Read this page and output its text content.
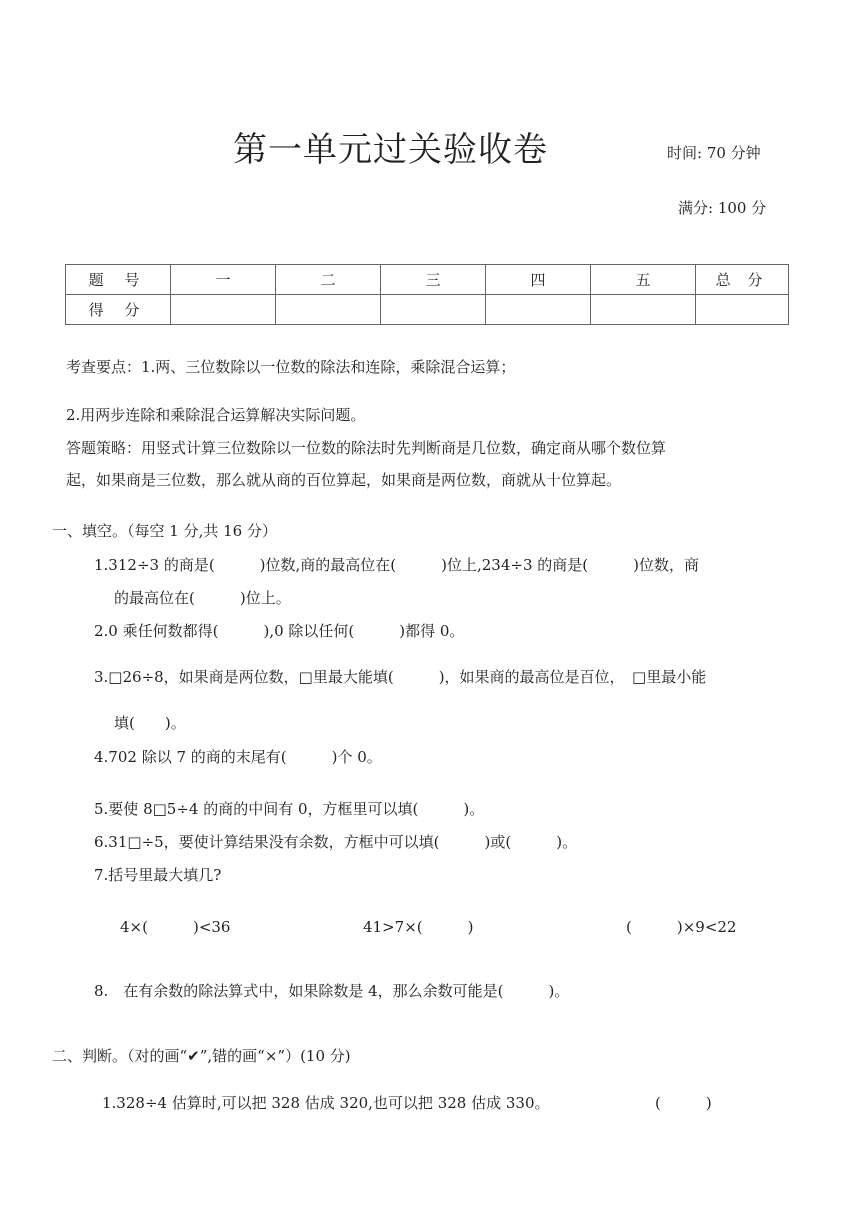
第一单元过关验收卷	时间: 70 分钟
满分: 100 分
题 号	一	二	三	四	五	总 分
得 分						
考查要点：1.两、三位数除以一位数的除法和连除，乘除混合运算；
2.用两步连除和乘除混合运算解决实际问题。
答题策略：用竖式计算三位数除以一位数的除法时先判断商是几位数，确定商从哪个数位算
起，如果商是三位数，那么就从商的百位算起，如果商是两位数，商就从十位算起。
一、填空。（每空 1 分,共 16 分）
1.312÷3 的商是(　　　)位数,商的最高位在(　　　)位上,234÷3 的商是(　　　)位数，商
的最高位在(　　　)位上。
2.0 乘任何数都得(　　　),0 除以任何(　　　)都得 0。
3.□26÷8，如果商是两位数，□里最大能填(　　　)，如果商的最高位是百位，　□里最小能
填(　　)。
4.702 除以 7 的商的末尾有(　　　)个 0。
5.要使 8□5÷4 的商的中间有 0，方框里可以填(　　　)。
6.31□÷5，要使计算结果没有余数，方框中可以填(　　　)或(　　　)。
7.括号里最大填几?
4×(　　　)<36	41>7×(　　　)	(　　　)×9<22
8.　在有余数的除法算式中，如果除数是 4，那么余数可能是(　　　)。
二、判断。（对的画“✔”,错的画“×”）(10 分)
1.328÷4 估算时,可以把 328 估成 320,也可以把 328 估成 330。	(　　　)
